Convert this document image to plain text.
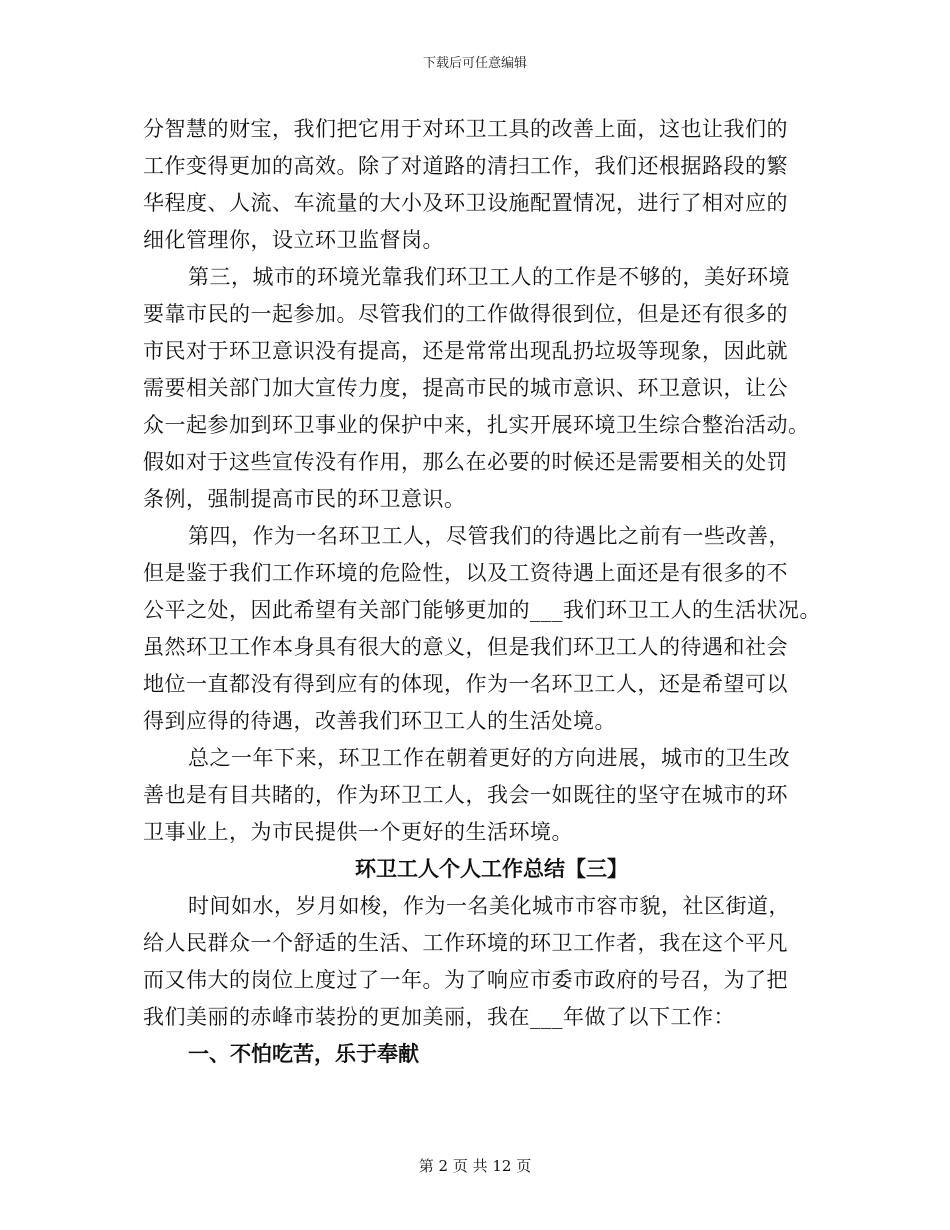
下载后可任意编辑
分智慧的财宝，我们把它用于对环卫工具的改善上面，这也让我们的
工作变得更加的高效。除了对道路的清扫工作，我们还根据路段的繁
华程度、人流、车流量的大小及环卫设施配置情况，进行了相对应的
细化管理你，设立环卫监督岗。
第三，城市的环境光靠我们环卫工人的工作是不够的，美好环境
要靠市民的一起参加。尽管我们的工作做得很到位，但是还有很多的
市民对于环卫意识没有提高，还是常常出现乱扔垃圾等现象，因此就
需要相关部门加大宣传力度，提高市民的城市意识、环卫意识，让公
众一起参加到环卫事业的保护中来，扎实开展环境卫生综合整治活动。
假如对于这些宣传没有作用，那么在必要的时候还是需要相关的处罚
条例，强制提高市民的环卫意识。
第四，作为一名环卫工人，尽管我们的待遇比之前有一些改善，
但是鉴于我们工作环境的危险性，以及工资待遇上面还是有很多的不
公平之处，因此希望有关部门能够更加的___我们环卫工人的生活状况。
虽然环卫工作本身具有很大的意义，但是我们环卫工人的待遇和社会
地位一直都没有得到应有的体现，作为一名环卫工人，还是希望可以
得到应得的待遇，改善我们环卫工人的生活处境。
总之一年下来，环卫工作在朝着更好的方向进展，城市的卫生改
善也是有目共睹的，作为环卫工人，我会一如既往的坚守在城市的环
卫事业上，为市民提供一个更好的生活环境。
环卫工人个人工作总结【三】
时间如水，岁月如梭，作为一名美化城市市容市貌，社区街道，
给人民群众一个舒适的生活、工作环境的环卫工作者，我在这个平凡
而又伟大的岗位上度过了一年。为了响应市委市政府的号召，为了把
我们美丽的赤峰市装扮的更加美丽，我在___年做了以下工作：
一、不怕吃苦，乐于奉献
第 2 页 共 12 页
